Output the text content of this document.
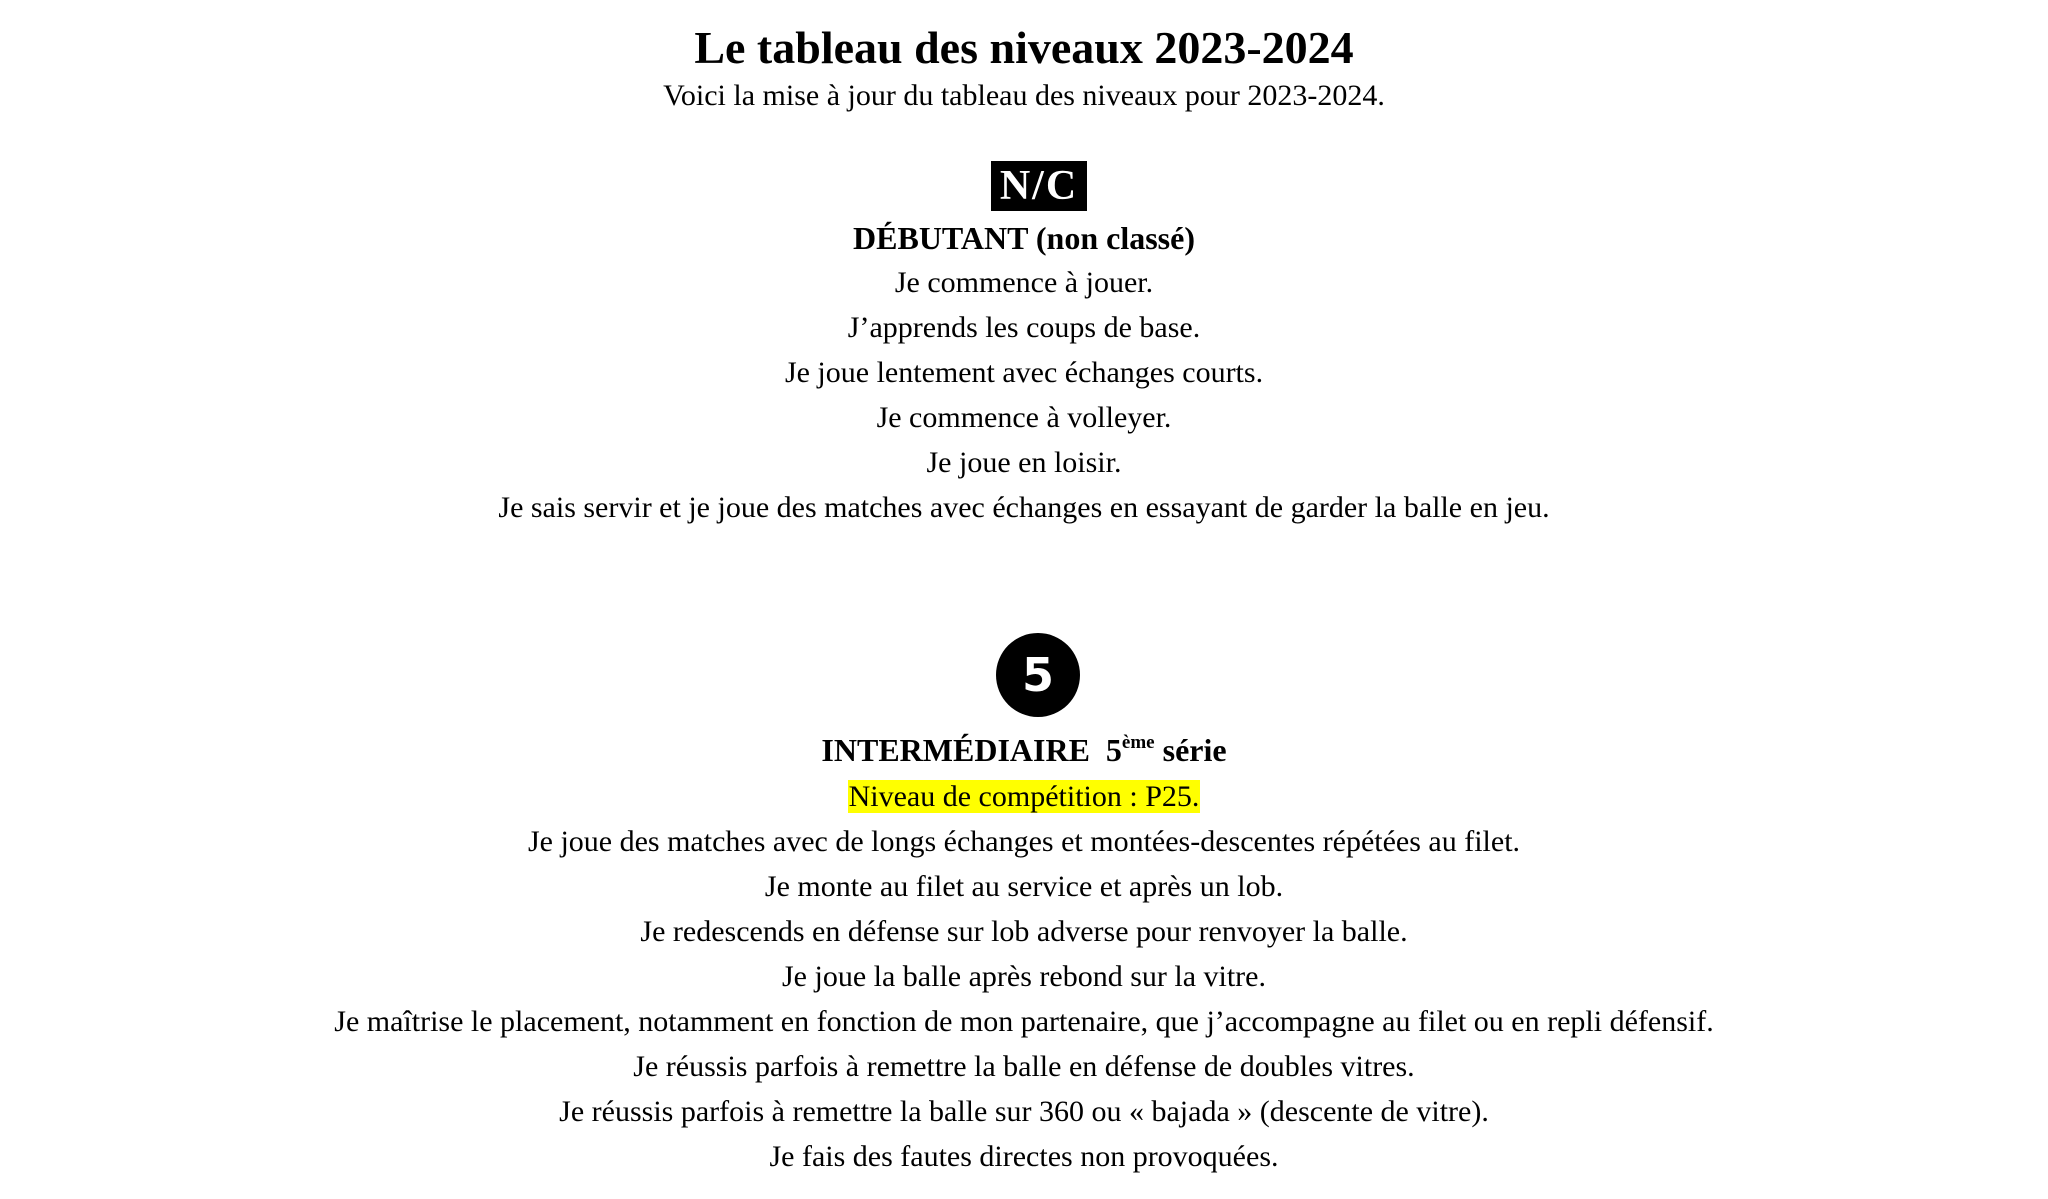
Le tableau des niveaux 2023-2024

Voici la mise à jour du tableau des niveaux pour 2023-2024.

N/C
DÉBUTANT (non classé)
Je commence à jouer.
J’apprends les coups de base.
Je joue lentement avec échanges courts.
Je commence à volleyer.
Je joue en loisir.
Je sais servir et je joue des matches avec échanges en essayant de garder la balle en jeu.
5
INTERMÉDIAIRE 5ème série
Niveau de compétition : P25.
Je joue des matches avec de longs échanges et montées-descentes répétées au filet.
Je monte au filet au service et après un lob.
Je redescends en défense sur lob adverse pour renvoyer la balle.
Je joue la balle après rebond sur la vitre.
Je maîtrise le placement, notamment en fonction de mon partenaire, que j’accompagne au filet ou en repli défensif.
Je réussis parfois à remettre la balle en défense de doubles vitres.
Je réussis parfois à remettre la balle sur 360 ou « bajada » (descente de vitre).
Je fais des fautes directes non provoquées.
